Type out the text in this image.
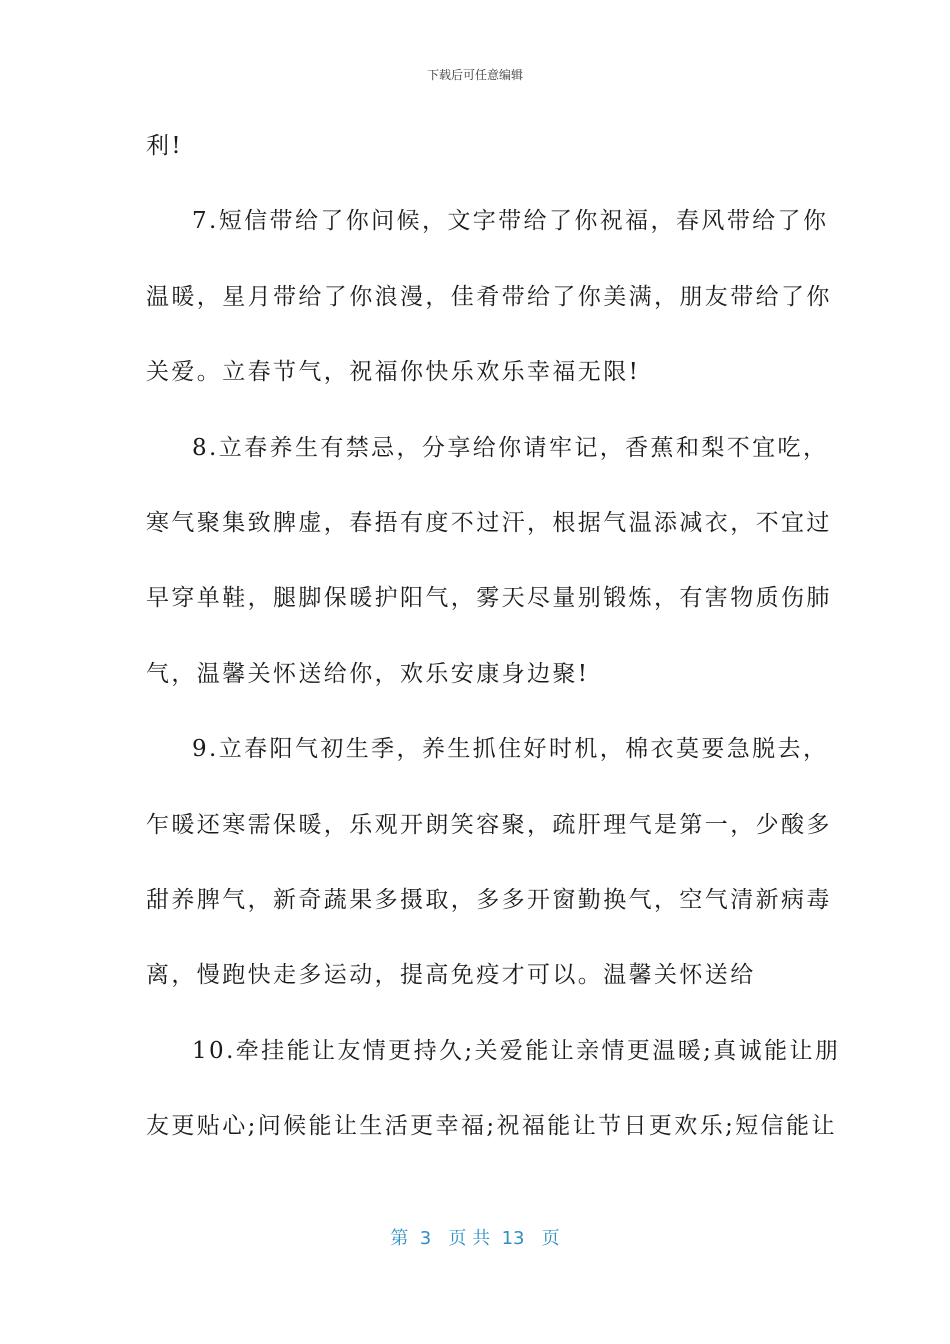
下载后可任意编辑
利!
7.短信带给了你问候，文字带给了你祝福，春风带给了你
温暖，星月带给了你浪漫，佳肴带给了你美满，朋友带给了你
关爱。立春节气，祝福你快乐欢乐幸福无限!
8.立春养生有禁忌，分享给你请牢记，香蕉和梨不宜吃，
寒气聚集致脾虚，春捂有度不过汗，根据气温添减衣，不宜过
早穿单鞋，腿脚保暖护阳气，雾天尽量别锻炼，有害物质伤肺
气，温馨关怀送给你，欢乐安康身边聚!
9.立春阳气初生季，养生抓住好时机，棉衣莫要急脱去，
乍暖还寒需保暖，乐观开朗笑容聚，疏肝理气是第一，少酸多
甜养脾气，新奇蔬果多摄取，多多开窗勤换气，空气清新病毒
离，慢跑快走多运动，提高免疫才可以。温馨关怀送给
10.牵挂能让友情更持久;关爱能让亲情更温暖;真诚能让朋
友更贴心;问候能让生活更幸福;祝福能让节日更欢乐;短信能让
第  3   页 共  13   页
